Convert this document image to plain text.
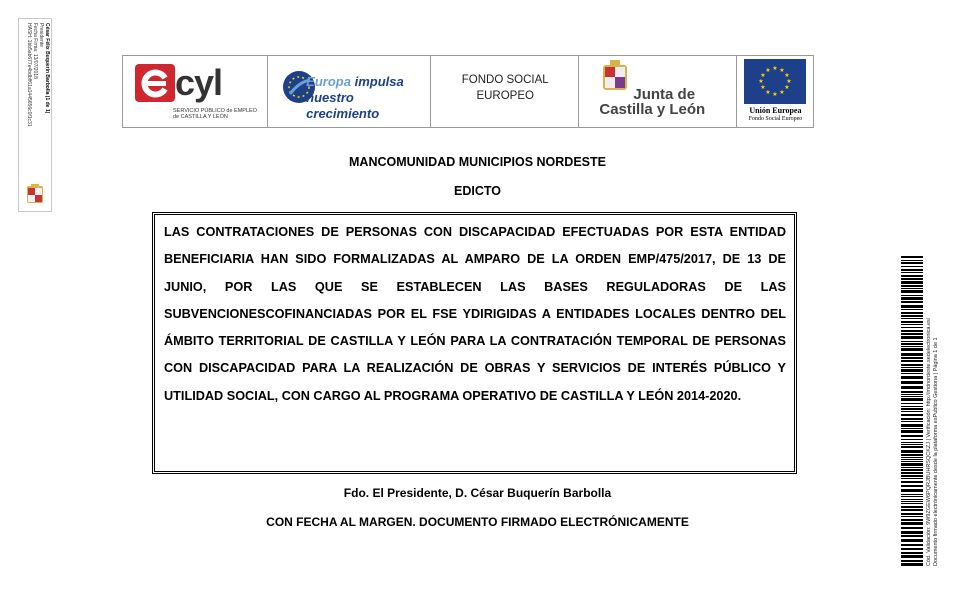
César Félix Buquerín Barbolla (1 de 1)
Presidente
Fecha Firma: 13/07/2018
HASH: 1bb5ab677e4bdbff61a1445656c0f1c31	cyl
SERVICIO PÚBLICO de EMPLEO
de CASTILLA Y LEÓN
Europa impulsa
nuestro crecimiento
FONDO SOCIAL
EUROPEO	Junta de
Castilla y León
★ ★
★
★
★
★
★
★
★
★
★
★
Unión Europea
Fondo Social Europeo
MANCOMUNIDAD MUNICIPIOS NORDESTE
EDICTO
LAS CONTRATACIONES DE PERSONAS CON DISCAPACIDAD EFECTUADAS POR ESTA ENTIDAD BENEFICIARIA HAN SIDO FORMALIZADAS AL AMPARO DE LA ORDEN EMP/475/2017, DE 13 DE JUNIO, POR LAS QUE SE ESTABLECEN LAS BASES REGULADORAS DE LAS SUBVENCIONESCOFINANCIADAS POR EL FSE YDIRIGIDAS A ENTIDADES LOCALES DENTRO DEL ÁMBITO TERRITORIAL DE CASTILLA Y LEÓN PARA LA CONTRATACIÓN TEMPORAL DE PERSONAS CON DISCAPACIDAD PARA LA REALIZACIÓN DE OBRAS Y SERVICIOS DE INTERÉS PÚBLICO Y UTILIDAD SOCIAL, CON CARGO AL PROGRAMA OPERATIVO DE CASTILLA Y LEÓN 2014-2020.
Fdo. El Presidente, D. César Buquerín Barbolla
CON FECHA AL MARGEN. DOCUMENTO FIRMADO ELECTRÓNICAMENTE	Cód. Validación: 9W9ZGEW6PQRJBUHRSQCKZJ | Verificación: http://mdnordeste.sedelectronica.es/ Documento firmado electrónicamente desde la plataforma esPublico Gestiona | Página 1 de 1
